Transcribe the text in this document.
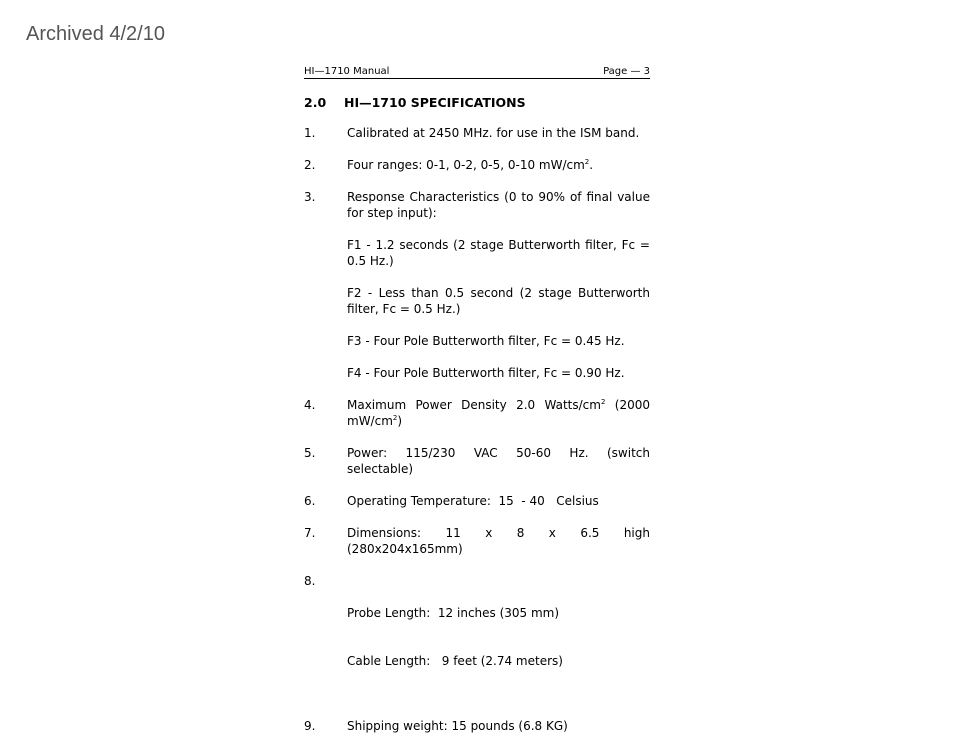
Archived 4/2/10
HI—1710 Manual	Page — 3
2.0	HI—1710 SPECIFICATIONS
1.	Calibrated at 2450 MHz. for use in the ISM band.
2.	Four ranges: 0-1, 0-2, 0-5, 0-10 $mW/cm^2$.
3.	Response Characteristics (0 to 90% of final value
for step input):
F1 - 1.2 seconds (2 stage Butterworth filter, Fc =
0.5 Hz.)
F2 - Less than 0.5 second (2 stage Butterworth
filter, Fc = 0.5 Hz.)
F3 - Four Pole Butterworth filter, Fc = 0.45 Hz.
F4 - Four Pole Butterworth filter, Fc = 0.90 Hz.
4.	Maximum Power Density 2.0 Watts/$cm^2$ (2000
$mW/cm^2$)
5.	Power: 115/230 VAC 50-60 Hz. (switch
selectable)
6.	Operating Temperature:  15  - 40   Celsius
7.	Dimensions: 11 x 8 x 6.5 high
(280x204x165mm)
8.

Probe Length:  12 inches (305 mm)

Cable Length:   9 feet (2.74 meters)

9.	Shipping weight: 15 pounds (6.8 KG)
